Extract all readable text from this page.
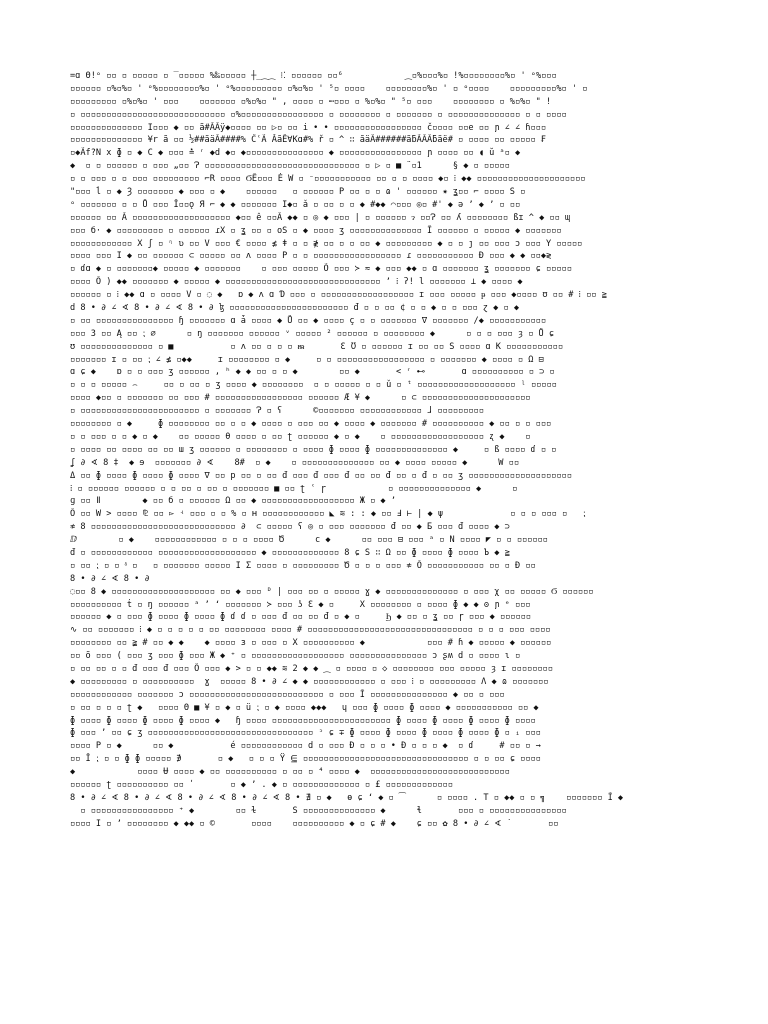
=ɑ Θ!ᵒ ▫▫ ▫ ▫▫▫▫▫ ▫ ‾▫▫▫▫▫ %‰▫▫▫▫▫ ┼_⁔⁔ ⁝⁚ ▫▫▫▫▫▫ ▫▫⁶            ⁔▫%▫▫▫%▫ !%▫▫▫▫▫▫▫▫%▫ ' ᵒ%▫▫▫
▫▫▫▫▫▫ ▫%▫%▫ ' ᵒ%▫▫▫▫▫▫▫▫%▫ ' ᵒ%▫▫▫▫▫▫▫▫▫ ▫%▫%▫ ' ⁵▫ ▫▫▫▫    ▫▫▫▫▫▫▫▫%▫ ' ▫ ᵒ▫▫▫▫    ▫▫▫▫▫▫▫▫▫%▫ ' ▫
▫▫▫▫▫▫▫▫▫ ▫%▫%▫ ' ▫▫▫    ▫▫▫▫▫▫▫ ▫%▫%▫ " , ▫▫▫▫ ▫ ┉▫▫▫ ▫ %▫%▫ " ⁵▫ ▫▫▫    ▫▫▫▫▫▫▫▫ ▫ %▫%▫ " !
▫ ▫▫▫▫▫▫▫▫▫▫▫▫▫▫▫▫▫▫▫▫▫▫▫▫▫▫▫▫ ▫%▫▫▫▫▫▫▫▫▫▫▫▫▫▫▫▫ ▫ ▫▫▫▫▫▫▫▫ ▫ ▫▫▫▫▫▫▫ ▫ ▫▫▫▫▫▫▫▫▫▫▫▫▫▫ ▫ ▫ ▫▫▫▫
▫▫▫▫▫▫▫▫▫▫▫▫▫▫ I▫▫▫ ◆ ▫▫ ã#ÃÃÿ◆▫▫▫▫ ▫▫ ▷▫ ▫▫ i • • ▫▫▫▫▫▫▫▫▫▫▫▫▫▫▫▫▫ č▫▫▫▫ ▫▫e ▫▫ ɲ ∠ ∠ ɦ▫▫▫
▫▫▫▫▫▫▫▫▫▫▫▫▫▫ ¥r ã ▫▫ ½##ãäÃ####% ĈʿÃ ĂãÊ∀Kɑ#% ř ▫ ^ ∷ ãäÃ######ãƃÃÃÃƃãë# ▫ ▫▫▫▫ ▫▫ ▫▫▫▫▫ ₣
▫◆Ãf?N x ɸ ▫ ◆ C ◆ ▫▫▫ ≛ ʳ ◆d ◆▫ ◆▫▫▫▫▫▫▫▫▫▫▫▫▫▫▫ ◆ ▫▫▫▫▫▫▫▫▫▫▫▫▫▫▫▫ ɲ ▫▫▫▫ ▫▫ ◖ ŭ ᵃ▫ ◆
◆  ▫ ▫ ▫▫▫▫▫▫ ▫ ▫▫▫ „▫▫ Ɂ ▫▫▫▫▫▫▫▫▫▫▫▫▫▫▫▫▫▫▫▫▫▫▫▫▫▫▫▫▫▫ ▫ ▷ ▫ ■ ¨▫1      § ◆ ▫ ▫▫▫▫▫
▫ ▫ ▫▫▫ ▫ ▫ ▫▫▫ ▫▫▫▫▫▫▫▫▫ ⌐R ▫▫▫▫ ϬÊ▫▫▫ Ė W ▫ ⁻▫▫▫▫▫▫▫▫▫▫▫ ▫▫ ▫ ▫ ▫▫▫▫ ◆▫ ⁞ ◆◆ ▫▫▫▫▫▫▫▫▫▫▫▫▫▫▫▫▫▫▫▫▫
"▫▫▫ ĺ ▫ ◆ Ȝ ▫▫▫▫▫▫▫ ◆ ▫▫▫ ▫ ◆    ▫▫▫▫▫▫   ▫ ▫▫▫▫▫▫ P ▫▫ ▫ ▫ ɷ ' ▫▫▫▫▫▫ ✷ ʓ▫▫ ⌐ ▫▫▫▫ S ▫
ᵒ ▫▫▫▫▫▫▫ ▫ ▫ Ů ▫▫▫ Ĭ▫▫ǫ Я ⌐ ◆ ◆ ▫▫▫▫▫▫▫ I◆▫ ǎ ▫ ▫▫ ▫ ▫ ◆ #◆◆ ⌒▫▫▫ ◎▫ #' ◆ ǝ ʼ ◆ ʼ ▫ ▫▫
▫▫▫▫▫▫ ▫▫ Ã ▫▫▫▫▫▫▫▫▫▫▫▫▫▫▫▫▫▫▫ ◆▫▫ ê ▫▫Ã ◆◆ ▫ ◎ ◆ ▫▫▫ | ▫ ▫▫▫▫▫▫ ɂ ▫▫Ɂ ▫▫ ʎ ▫▫▫▫▫▫▫▫ ßɪ ^ ◆ ▫▫ ɰ
▫▫▫ б· ◆ ▫▫▫▫▫▫▫▫▫ ▫ ▫▫▫▫▫▫ ɾX ▫ ʓ ▫▫ ▫ oS ▫ ◆ ▫▫▫▫ ʒ ▫▫▫▫▫▫▫▫▫▫▫▫▫▫ Ĩ ▫▫▫▫▫▫ ▫ ▫▫▫▫▫ ◆ ▫▫▫▫▫▫▫
▫▫▫▫▫▫▫▫▫▫▫▫ X ʃ ▫ ᶯ ʋ ▫▫ V ▫▫▫ € ▫▫▫▫ ≴ ǂ ▫ ▫ ≹ ▫▫ ▫ ▫ ▫▫ ◆ ▫▫▫▫▫▫▫▫▫ ◆ ▫ ▫ ȷ ▫▫ ▫▫▫ ɔ ▫▫▫ Y ▫▫▫▫▫
▫▫▫▫ ▫▫▫ I ◆ ▫▫ ▫▫▫▫▫▫ ⊂ ▫▫▫▫▫ ▫▫ ʌ ▫▫▫▫ P ▫ ▫ ▫▫▫▫▫▫▫▫▫▫▫▫▫▫▫▫▫ ɾ ▫▫▫▫▫▫▫▫▫▫▫ Ð ▫▫▫ ◆ ◆ ▫▫◆≷
▫ ɗɑ ◆ ▫ ▫▫▫▫▫▫▫◆ ▫▫▫▫▫ ◆ ▫▫▫▫▫▫▫    ▫ ▫▫▫ ▫▫▫▫▫ Õ ▫▫▫ ≻ ≂ ◆ ▫▫▫ ◆◆ ▫ ɑ ▫▫▫▫▫▫▫ ʓ ▫▫▫▫▫▫▫ ɕ ▫▫▫▫▫
▫▫▫▫ Õ ) ◆◆ ▫▫▫▫▫▫▫ ◆ ▫▫▫▫▫ ◆ ▫▫▫▫▫▫▫▫▫▫▫▫▫▫▫▫▫▫▫▫▫▫▫▫▫▫▫▫▫▫ ʼ ⁞ ʔ! l ▫▫▫▫▫▫▫ ⊥ ◆ ▫▫▫▫ ◆
▫▫▫▫▫▫ ▫ ⁞ ◆◆ ɑ ▫ ▫▫▫▫ V ▫ ◌ ◆   ɒ ◆ ʌ ɑ Ɗ ▫▫▫ ▫ ▫▫▫▫▫▫▫▫▫▫▫▫▫▫▫▫▫▫ ɪ ▫▫▫ ▫▫▫▫▫ ᵽ ▫▫▫ ◆▫▫▫▫ ʊ ▫▫ # ⁞ ▫▫ ≧
d 8 • ∂ ∠ ∢ 8 • ∂ ∠ ∢ 8 • ∂ ɮ ▫▫▫▫▫▫▫▫▫▫▫▫▫▫▫▫▫▫▫▫▫▫▫ đ ▫ ▫ ▫▫ ¢ ▫ ▫ ◆ ▫ ▫ ▫▫▫ ɀ ◆ ▫ ◆
▫ ▫▫ ▫▫▫▫▫▫▫▫▫▫▫▫▫▫▫ ɧ ▫▫▫▫▫▫▫ ɑ ǡ ▫▫▫▫ ◆ Ů ▫▫ ◆ ▫▫▫▫ ç ▫ ▫ ▫▫▫▫▫▫▫ ∇ ▫▫▫▫▫▫▫ /◆ ▫▫▫▫▫▫▫▫▫▫▫
▫▫▫ З ▫▫ Ą ▫▫ ⁏ ⌀      ▫ ŋ ▫▫▫▫▫▫▫ ▫▫▫▫▫▫ ᵛ ▫▫▫▫▫ ² ▫▫▫▫▫▫ ▫ ▫▫▫▫▫▫▫▫ ◆      ▫ ▫ ▫ ▫▫▫ ȝ ▫ Ů ɕ
ʊ ▫▫▫▫▫▫▫▫▫▫▫▫▫▫ ▫ ■           ▫ ʌ ▫▫ ▫ ▫ ▫ ᵯ       Ɛ Ʊ ▫ ▫▫▫▫▫▫ ɪ ▫▫ ▫▫ S ▫▫▫▫ ɑ K ▫▫▫▫▫▫▫▫▫▫▫
▫▫▫▫▫▫▫ ɪ ▫ ▫▫ ⁏ ∠ ≰ ▫◆◆     ɪ ▫▫▫▫▫▫▫▫ ▫ ◆     ▫ ▫ ▫▫▫▫▫▫▫▫▫▫▫▫▫▫▫▫▫ ▫ ▫▫▫▫▫▫▫ ◆ ▫▫▫▫ ▫ Ω ⊟
ɑ ɕ ◆    ɒ ▫ ▫ ▫▫▫ ʒ ▫▫▫▫▫▫ , ʰ ◆ ◆ ▫▫ ▫ ▫ ◆        ▫▫ ◆       < ʳ ⊷       ɑ ▫▫▫▫▫▫▫▫▫▫ ▫ ⊃ ▫
▫ ▫ ▫ ▫▫▫▫▫ ⌢     ▫▫ ▫ ▫▫ ▫ ʒ ▫▫▫▫ ◆ ▫▫▫▫▫▫▫▫  ▫ ▫ ▫▫▫▫▫ ▫ ▫ ǔ ▫ ᵗ ▫▫▫▫▫▫▫▫▫▫▫▫▫▫▫▫▫▫▫ ᶩ ▫▫▫▫▫
▫▫▫▫ ◆▫▫ ▫ ▫▫▫▫▫▫▫ ▫▫ ▫▫▫ # ▫▫▫▫▫▫▫▫▫▫▫▫▫▫▫▫▫ ▫▫▫▫▫▫ Æ ¥ ◆      ▫ ⊂ ▫▫▫▫▫▫▫▫▫▫▫▫▫▫▫▫▫▫▫▫▫
▫ ▫▫▫▫▫▫▫▫▫▫▫▫▫▫▫▫▫▫▫▫▫▫▫ ▫ ▫▫▫▫▫▫▫ Ɂ ▫ ʕ      ©▫▫▫▫▫▫▫ ▫▫▫▫▫▫▫▫▫▫▫▫ ɺ ▫▫▫▫▫▫▫▫▫
▫▫▫▫▫▫▫▫ ▫ ◆     ɸ ▫▫▫▫▫▫▫▫ ▫▫ ▫ ▫ ◆ ▫▫▫▫ ▫ ▫▫▫ ▫▫ ◆ ▫▫▫▫ ◆ ▫▫▫▫▫▫▫ # ▫▫▫▫▫▫▫▫▫▫ ◆ ▫▫ ▫ ▫ ▫▫▫
▫ ▫ ▫▫▫ ▫ ▫ ◆ ▫ ◆    ▫▫ ▫▫▫▫▫ θ ▫▫▫▫ ▫ ▫▫ ʈ ▫▫▫▫▫▫ ◆ ▫ ◆    ▫ ▫▫▫▫▫▫▫▫▫▫▫▫▫▫▫▫▫▫ ʐ ◆    ▫
▫ ▫▫▫▫ ▫▫ ▫▫▫▫ ▫▫ ▫▫ ɯ ʒ ▫▫▫▫▫▫ ▫ ▫▫▫▫▫▫▫▫ ▫ ▫▫▫▫ ɸ ▫▫▫▫ ɸ ▫▫▫▫▫▫▫▫▫▫▫▫▫▫ ◆     ▫ ß ▫▫▫▫ ɗ ▫ ▫
ʆ ∂ ∢ 8 ‡  ◆ ɘ  ▫▫▫▫▫▫▫ ∂ ∢    8#  ▫ ◆    ▫ ▫▫▫▫▫▫▫▫▫▫▫▫▫▫ ▫▫ ◆ ▫▫▫▫ ▫▫▫▫▫ ◆      W ▫▫
Δ ▫▫ ɸ ▫▫▫▫ ɸ ▫▫▫▫ ɸ ▫▫▫▫ ∇ ▫▫ p ▫▫ ▫ ▫▫ đ ▫▫▫ đ ▫▫▫ đ ▫▫ ▫▫ đ ▫▫ ▫ đ ▫ ▫▫ ʒ ▫▫▫▫▫▫▫▫▫▫▫▫▫▫▫▫▫▫▫▫
⁞ ▫ ▫▫▫▫▫▫ ▫▫▫▫▫▫ ▫ ▫ ▫▫ ▫ ▫▫ ▫ ▫▫▫▫▫▫▫ ■ ▫▫ ʈ ʿ ɼ            ▫ ▫▫▫▫▫▫▫▫▫▫▫▫▫▫ ◆      ▫
ɡ ▫▫ ǁ        ◆ ▫▫ б ▫ ▫▫▫▫▫▫ Ω ▫▫ ◆ ▫▫▫▫▫▫▫▫▫▫▫▫▫▫▫▫▫▫ Ж ▫ ◆ ʼ
Õ ▫▫ W > ▫▫▫▫ ⅊ ▫▫ ▻ ʵ ▫▫▫ ▫ ▫ % ▫ ʜ ▫▫▫▫▫▫▫▫▫▫▫▫ ◣ ≋ : : ◆ ▫▫ Ⅎ ⊢ | ◆ ψ             ▫ ▫ ▫ ▫▫▫ ▫   ⁏
≉ 8 ▫▫▫▫▫▫▫▫▫▫▫▫▫▫▫▫▫▫▫▫▫▫▫▫▫▫▫▫ ∂  ⊂ ▫▫▫▫▫ ʕ ◎ ▫ ▫▫▫ ▫▫▫▫▫▫▫ đ ▫▫ ◆ Б ▫▫▫ đ ▫▫▫▫ ◆ ⊃
ⅅ        ▫ ◆    ▫▫▫▫▫▫▫▫▫▫▫▫ ▫ ▫ ▫ ▫▫▫▫ Ծ      c ◆      ▫▫ ▫▫▫ ⊟ ▫▫▫ ᵃ ▫ N ▫▫▫▫ ◤ ▫ ▫ ▫▫▫▫▫▫
đ ▫ ▫▫▫▫▫▫▫▫▫▫▫▫ ▫▫▫▫▫▫▫▫▫▫▫▫▫▫▫▫▫▫▫ ◆ ▫▫▫▫▫▫▫▫▫▫▫▫▫ 8 ɕ S ∷ Ω ▫▫ ɸ ▫▫▫▫ ɸ ▫▫▫▫ Ъ ◆ ≧
▫ ▫▫ ⁏ ▫ ▫ ᵟ ▫   ▫ ▫▫▫▫▫▫▫ ▫▫▫▫▫ I Σ ▫▫▫▫ ▫ ▫▫▫▫▫▫▫▫▫ Ծ ▫ ▫ ▫ ▫▫▫ ≉ Õ ▫▫▫▫▫▫▫▫▫▫▫ ▫▫ ▫ Ð ▫▫
8 • ∂ ∠ ∢ 8 • ∂
◌▫▫ 8 ◆ ▫▫▫▫▫▫▫▫▫▫▫▫▫▫▫▫▫▫▫▫ ▫▫ ◆ ▫▫▫ ᴰ | ▫▫▫ ▫▫ ▫ ▫▫▫▫▫ ɣ ◆ ▫▫▫▫▫▫▫▫▫▫▫▫▫▫ ▫ ▫▫▫ χ ▫▫ ▫▫▫▫▫ Ϭ ▫▫▫▫▫▫
▫▫▫▫▫▫▫▫▫▫ ṫ ▫ ŋ ▫▫▫▫▫▫ ᵃ ʼ ʻ ▫▫▫▫▫▫▫ ≻ ▫▫▫ ʖ Ɛ ◆ ▫     X ▫▫▫▫▫▫▫▫ ▫ ▫▫▫▫ ɸ ◆ ◆ ʘ ɲ ᵉ ▫▫▫
▫▫▫▫▫▫ ◆ ▫ ▫▫▫ ɸ ▫▫▫▫ ɸ ▫▫▫▫ ɸ ɗ ɗ ▫ ▫▫▫ đ ▫▫ ▫▫ đ ▫ ◆ ▫     Ϧ ◆ ▫▫ ▫ ʓ ▫▫ ɼ ▫▫▫ ◆ ▫▫▫▫▫▫
∿ ▫▫ ▫▫▫▫▫▫▫ ⁞ ◆ ▫ ▫ ▫ ▫ ▫ ▫▫ ▫▫▫▫▫▫▫▫ ▫▫▫▫ # ▫▫▫▫▫▫▫▫▫▫▫▫▫▫▫▫▫▫▫▫▫▫▫▫▫▫▫▫▫▫▫▫ ▫ ▫ ▫ ▫▫▫ ▫▫▫▫
▫▫▫▫▫▫▫▫ ▫▫ ≩ # ▫▫ ◆ ◆    ◆ ▫▫▫▫ ɜ ▫ ▫▫▫ ▫ X ▫▫▫▫▫▫▫▫▫▫ ◆            ▫▫▫ # ɦ ◆ ▫▫▫▫▫ ◆ ▫▫▫▫▫▫
▫▫ õ ▫▫▫ ( ▫▫▫ ʒ ▫▫▫ ɸ ▫▫▫ Ж ◆ ⁺ ▫ ▫▫▫▫▫▫▫▫▫▫▫▫▫▫▫▫▫▫ ▫▫▫▫▫▫▫▫▫▫▫▫▫▫▫ ɔ ʂʍ d ▫ ▫▫▫▫ ɩ ▫
▫ ▫▫ ▫▫ ▫ ▫ đ ▫▫▫ đ ▫▫▫ Õ ▫▫▫ ◆ > ▫ ▫ ◆◆ ≋ 2 ◆ ◆ ⁔ ▫ ▫▫▫▫ ▫ ◇ ▫▫▫▫▫▫▫▫ ▫▫▫ ▫▫▫▫▫ ȝ ɪ ▫▫▫▫▫▫▫▫
◆ ▫▫▫▫▫▫▫▫▫ ▫ ▫▫▫▫▫▫▫▫▫▫  ɣ  ▫▫▫▫▫ 8 • ∂ ∠ ◆ ◆ ▫▫▫▫▫▫▫▫▫▫▫▫ ▫ ▫▫▫ ⁞ ▫ ▫▫▫▫▫▫▫▫▫ Λ ◆ ɷ ▫▫▫▫▫▫▫
▫▫▫▫▫▫▫▫▫▫▫▫ ▫▫▫▫▫▫▫ ɔ ▫▫▫▫▫▫▫▫▫▫▫▫▫▫▫▫▫▫▫▫▫▫▫▫▫▫ ▫ ▫▫▫ Ĩ ▫▫▫▫▫▫▫▫▫▫▫▫▫▫▫ ◆ ▫▫ ▫ ▫▫▫
▫ ▫▫ ▫ ▫ ▫ ʈ ◆   ▫▫▫▫ Θ ■ ¥ ▫ ◆ ▫ ü ⁏ ▫ ◆ ▫▫▫▫ ◆◆◆   ɥ ▫▫▫ ɸ ▫▫▫▫ ɸ ▫▫▫▫ ◆ ▫▫▫▫▫▫▫▫▫▫▫ ▫▫ ◆
ɸ ▫▫▫▫ ɸ ▫▫▫▫ ɸ ▫▫▫▫ ɸ ▫▫▫▫ ◆   ɧ ▫▫▫▫ ▫▫▫▫▫▫▫▫▫▫▫▫▫▫▫▫▫▫▫▫▫▫▫ ɸ ▫▫▫▫ ɸ ▫▫▫▫ ɸ ▫▫▫▫ ɸ ▫▫▫▫
ɸ ▫▫▫ ʼ ▫▫ ɕ ʒ ▫▫▫▫▫▫▫▫▫▫▫▫▫▫▫▫▫▫▫▫▫▫▫▫▫▫▫▫▫▫▫▫ ᵓ ɕ ∓ ɸ ▫▫▫▫ ɸ ▫▫▫▫ ɸ ▫▫▫▫ ɸ ▫▫▫▫ ɸ ▫ ᵢ ▫▫▫
▫▫▫▫ P ▫ ◆      ▫▫ ◆           é ▫▫▫▫▫▫▫▫▫▫▫▫ d ▫ ▫▫▫ Ð ▫ ▫ ▫ • Ð ▫ ▫ ▫ ◆  ▫ ɗ     # ▫▫ ▫ →
▫▫ Ĭ ⁏ ▫ ▫ ɸ ɸ ▫▫▫▫▫ ∌       ▫ ◆   ▫ ▫ ▫ Ÿ ⋸ ▫▫▫▫▫▫▫▫▫▫▫▫▫▫▫▫▫▫▫▫▫▫▫▫▫▫▫▫▫▫▫▫ ▫ ▫ ▫▫ ɕ ▫▫▫▫
◆            ▫▫▫▫ Ʉ ▫▫▫▫ ◆ ▫▫ ▫▫▫▫▫▫▫▫▫▫ ▫ ▫▫ ▫ ⁴ ▫▫▫▫ ◆  ▫▫▫▫▫▫▫▫▫▫▫▫▫▫▫▫▫▫▫▫▫▫▫▫▫▫▫
▫▫▫▫▫▫ ʈ ▫▫▫▫▫▫▫▫▫▫ ▫▫ ʹ       ▫ ◆ ʼ . ◆ ▫ ▫▫▫▫▫▫▫▫▫▫▫▫▫ ▫ £ ▫▫▫▫▫▫▫▫▫▫▫▫▫
8 • ∂ ∠ ∢ 8 • ∂ ∠ ∢ 8 • ∂ ∠ ∢ 8 • ∂ ∠ ∢ 8 • ∄ ▫ ◆   ɵ ɕ ʻ ◆ ▫ ⁀      ▫ ▫▫▫▫ . T ▫ ◆◆ ▫ ▫ ╗    ▫▫▫▫▫▫▫ Ĩ ◆
▫ ▫▫▫▫▫▫▫▫▫▫▫▫▫▫▫▫ ⁺ ◆        ▫▫ ɫ       S ▫▫▫▫▫▫▫▫▫▫▫▫▫▫ ◆      ɬ       ▫▫▫ ▫ ▫▫▫▫▫▫▫▫▫▫▫▫▫▫▫
▫▫▫▫ I ▫ ʼ ▫▫▫▫▫▫▫▫ ◆ ◆◆ ▫ ©       ▫▫▫▫    ▫▫▫▫▫▫▫▫▫▫ ◆ ▫ ɕ # ◆    ɕ ▫▫ ✿ 8 • ∂ ∠ ∢ ˙       ▫▫
